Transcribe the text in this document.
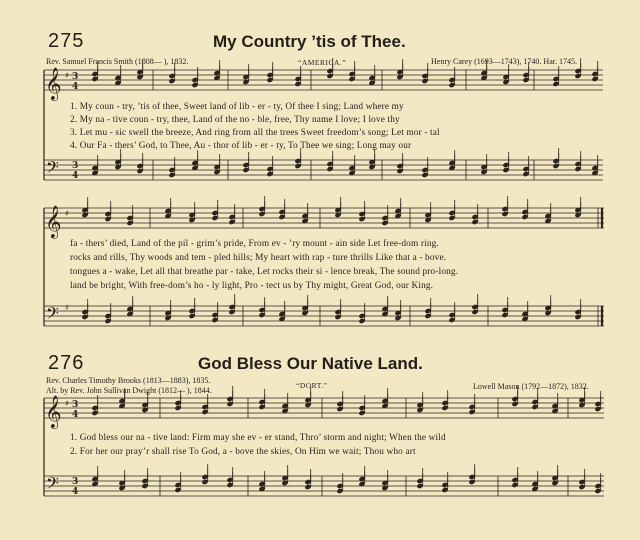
275	My Country ’tis of Thee.
Rev. Samuel Francis Smith (1808— ), 1832.	“AMERICA.”	Henry Carey (1693—1743), 1740. Har. 1745.
𝄞 ♯ 3
4
𝄢 3
4
𝄞 ♯
𝄢 ♯
𝄞 ♯ 3
4
𝄢 3
4
1. My coun - try, ’tis of thee, Sweet land of lib - er - ty, Of thee I sing; Land where my
2. My na - tive coun - try, thee, Land of the no - ble, free, Thy name I love; I love thy
3. Let mu - sic swell the breeze, And ring from all the trees Sweet freedom’s song; Let mor - tal
4. Our Fa - thers’ God, to Thee, Au - thor of lib - er - ty, To Thee we sing; Long may our
fa - thers’ died, Land of the pil - grim’s pride, From ev - ’ry mount - ain side Let free-dom ring.
rocks and rills, Thy woods and tem - pled hills; My heart with rap - ture thrills Like that a - bove.
tongues a - wake, Let all that breathe par - take, Let rocks their si - lence break, The sound pro-long.
land be bright, With free-dom’s ho - ly light, Pro - tect us by Thy might, Great God, our King.
276	God Bless Our Native Land.
Rev. Charles Timothy Brooks (1813—1883), 1835.
Alt. by Rev. John Sullivan Dwight (1812— ), 1844.
“DORT.”	Lowell Mason (1792—1872), 1832.
1. God bless our na - tive land: Firm may she ev - er stand, Thro’ storm and night; When the wild
2. For her our pray’r shall rise To God, a - bove the skies, On Him we wait; Thou who art
